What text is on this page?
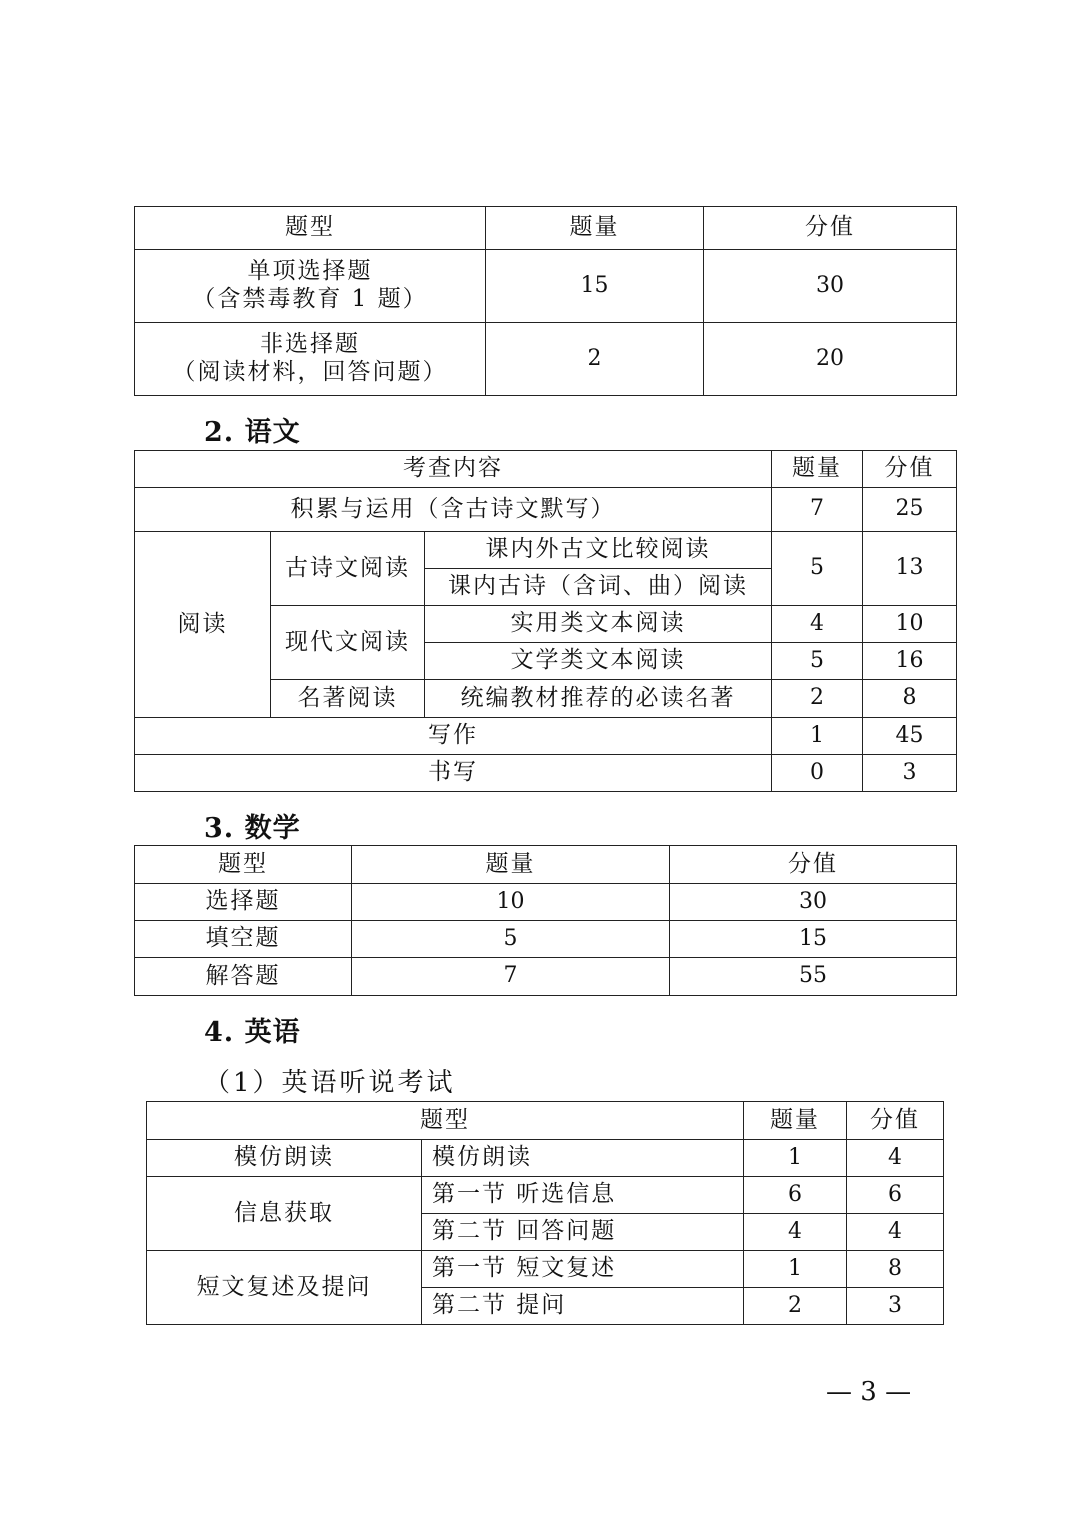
题型	题量	分值

单项选择题
（含禁毒教育 1 题）	15	30

非选择题
（阅读材料，回答问题）	2	20
2. 语文
考查内容			题量	分值
积累与运用（含古诗文默写）			7	25
阅读	古诗文阅读	课内外古文比较阅读	5	13
		课内古诗（含词、曲）阅读		
	现代文阅读	实用类文本阅读	4	10
		文学类文本阅读	5	16
	名著阅读	统编教材推荐的必读名著	2	8
写作			1	45
书写			0	3
3. 数学
题型	题量	分值
选择题	10	30
填空题	5	15
解答题	7	55
4. 英语
（1）英语听说考试
题型		题量	分值
模仿朗读	模仿朗读	1	4
信息获取	第一节 听选信息	6	6
	第二节 回答问题	4	4
短文复述及提问	第一节 短文复述	1	8
	第二节 提问	2	3
— 3 —
